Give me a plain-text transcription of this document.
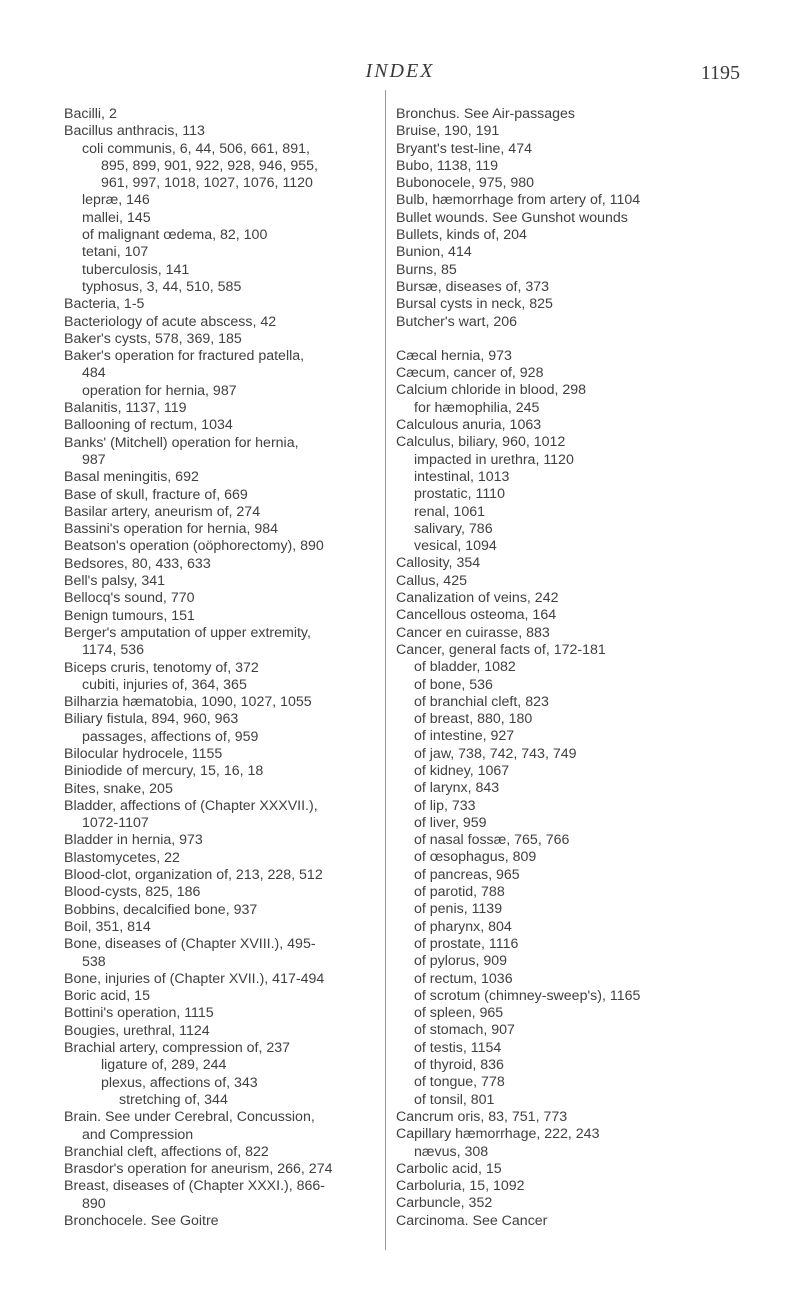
INDEX	1195
Bacilli, 2
Bacillus anthracis, 113
coli communis, 6, 44, 506, 661, 891,
895, 899, 901, 922, 928, 946, 955,
961, 997, 1018, 1027, 1076, 1120
lepræ, 146
mallei, 145
of malignant œdema, 82, 100
tetani, 107
tuberculosis, 141
typhosus, 3, 44, 510, 585
Bacteria, 1-5
Bacteriology of acute abscess, 42
Baker's cysts, 578, 369, 185
Baker's operation for fractured patella,
484
operation for hernia, 987
Balanitis, 1137, 119
Ballooning of rectum, 1034
Banks' (Mitchell) operation for hernia,
987
Basal meningitis, 692
Base of skull, fracture of, 669
Basilar artery, aneurism of, 274
Bassini's operation for hernia, 984
Beatson's operation (oöphorectomy), 890
Bedsores, 80, 433, 633
Bell's palsy, 341
Bellocq's sound, 770
Benign tumours, 151
Berger's amputation of upper extremity,
1174, 536
Biceps cruris, tenotomy of, 372
cubiti, injuries of, 364, 365
Bilharzia hæmatobia, 1090, 1027, 1055
Biliary fistula, 894, 960, 963
passages, affections of, 959
Bilocular hydrocele, 1155
Biniodide of mercury, 15, 16, 18
Bites, snake, 205
Bladder, affections of (Chapter XXXVII.),
1072-1107
Bladder in hernia, 973
Blastomycetes, 22
Blood-clot, organization of, 213, 228, 512
Blood-cysts, 825, 186
Bobbins, decalcified bone, 937
Boil, 351, 814
Bone, diseases of (Chapter XVIII.), 495-
538
Bone, injuries of (Chapter XVII.), 417-494
Boric acid, 15
Bottini's operation, 1115
Bougies, urethral, 1124
Brachial artery, compression of, 237
ligature of, 289, 244
plexus, affections of, 343
stretching of, 344
Brain. See under Cerebral, Concussion,
and Compression
Branchial cleft, affections of, 822
Brasdor's operation for aneurism, 266, 274
Breast, diseases of (Chapter XXXI.), 866-
890
Bronchocele. See Goitre
Bronchus. See Air-passages
Bruise, 190, 191
Bryant's test-line, 474
Bubo, 1138, 119
Bubonocele, 975, 980
Bulb, hæmorrhage from artery of, 1104
Bullet wounds. See Gunshot wounds
Bullets, kinds of, 204
Bunion, 414
Burns, 85
Bursæ, diseases of, 373
Bursal cysts in neck, 825
Butcher's wart, 206
Cæcal hernia, 973
Cæcum, cancer of, 928
Calcium chloride in blood, 298
for hæmophilia, 245
Calculous anuria, 1063
Calculus, biliary, 960, 1012
impacted in urethra, 1120
intestinal, 1013
prostatic, 1110
renal, 1061
salivary, 786
vesical, 1094
Callosity, 354
Callus, 425
Canalization of veins, 242
Cancellous osteoma, 164
Cancer en cuirasse, 883
Cancer, general facts of, 172-181
of bladder, 1082
of bone, 536
of branchial cleft, 823
of breast, 880, 180
of intestine, 927
of jaw, 738, 742, 743, 749
of kidney, 1067
of larynx, 843
of lip, 733
of liver, 959
of nasal fossæ, 765, 766
of œsophagus, 809
of pancreas, 965
of parotid, 788
of penis, 1139
of pharynx, 804
of prostate, 1116
of pylorus, 909
of rectum, 1036
of scrotum (chimney-sweep's), 1165
of spleen, 965
of stomach, 907
of testis, 1154
of thyroid, 836
of tongue, 778
of tonsil, 801
Cancrum oris, 83, 751, 773
Capillary hæmorrhage, 222, 243
nævus, 308
Carbolic acid, 15
Carboluria, 15, 1092
Carbuncle, 352
Carcinoma. See Cancer
